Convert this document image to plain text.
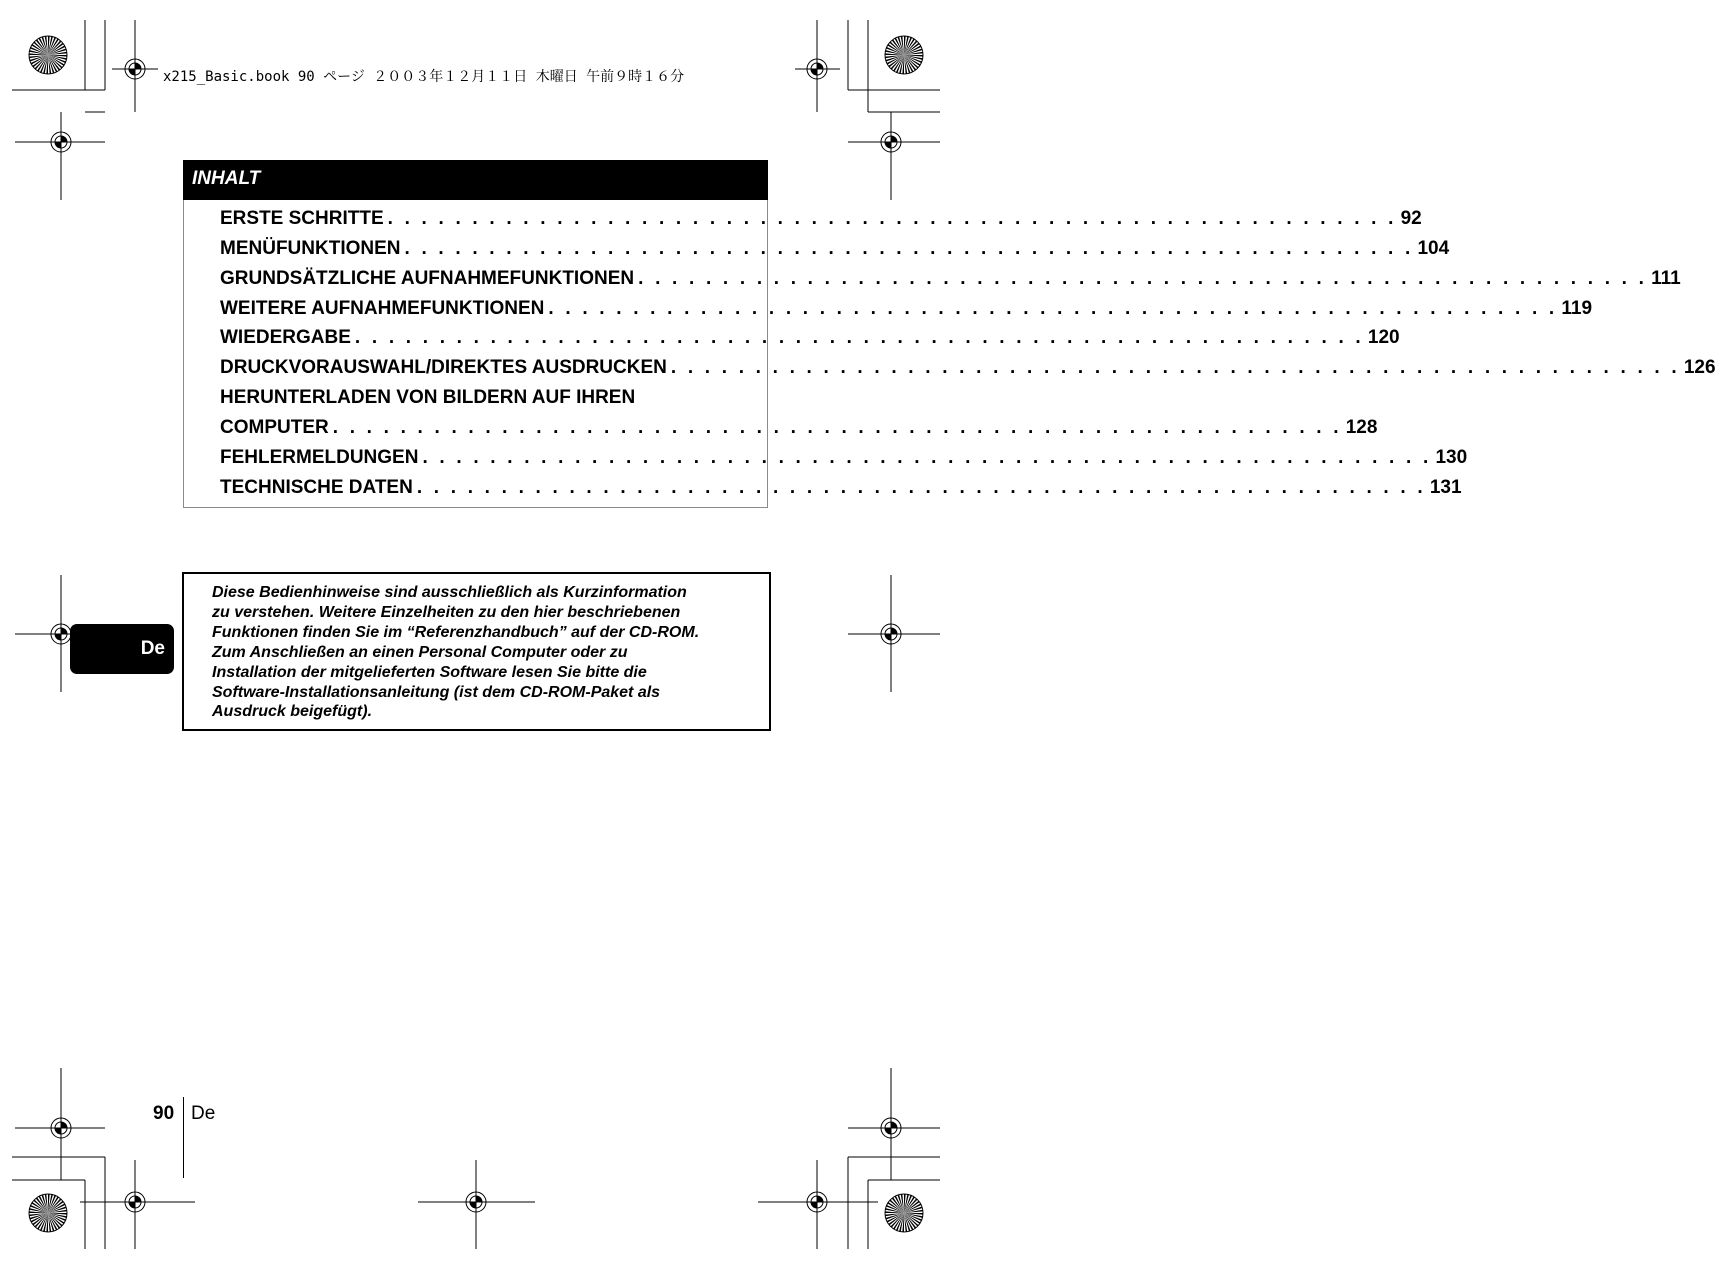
x215_Basic.book 90 ページ ２００３年１２月１１日 木曜日 午前９時１６分
INHALT
ERSTE SCHRITTE . . . . . . . . . . . . . . . . . . . . . . . . . . . . . . . . . . . . . . . . . . . . . . . . . . . . . . . . . . . . 92
MENÜFUNKTIONEN . . . . . . . . . . . . . . . . . . . . . . . . . . . . . . . . . . . . . . . . . . . . . . . . . . . . . . . . . . . . 104
GRUNDSÄTZLICHE AUFNAHMEFUNKTIONEN . . . . . . . . . . . . . . . . . . . . . . . . . . . . . . . . . . . . . . . . . . . . . . . . . . . . . . . . . . . . 111
WEITERE AUFNAHMEFUNKTIONEN . . . . . . . . . . . . . . . . . . . . . . . . . . . . . . . . . . . . . . . . . . . . . . . . . . . . . . . . . . . . 119
WIEDERGABE . . . . . . . . . . . . . . . . . . . . . . . . . . . . . . . . . . . . . . . . . . . . . . . . . . . . . . . . . . . . 120
DRUCKVORAUSWAHL/DIREKTES AUSDRUCKEN . . . . . . . . . . . . . . . . . . . . . . . . . . . . . . . . . . . . . . . . . . . . . . . . . . . . . . . . . . . . 126
HERUNTERLADEN VON BILDERN AUF IHREN
COMPUTER . . . . . . . . . . . . . . . . . . . . . . . . . . . . . . . . . . . . . . . . . . . . . . . . . . . . . . . . . . . . 128
FEHLERMELDUNGEN . . . . . . . . . . . . . . . . . . . . . . . . . . . . . . . . . . . . . . . . . . . . . . . . . . . . . . . . . . . . 130
TECHNISCHE DATEN . . . . . . . . . . . . . . . . . . . . . . . . . . . . . . . . . . . . . . . . . . . . . . . . . . . . . . . . . . . . 131
Diese Bedienhinweise sind ausschließlich als Kurzinformation
zu verstehen. Weitere Einzelheiten zu den hier beschriebenen
Funktionen finden Sie im “Referenzhandbuch” auf der CD-ROM.
Zum Anschließen an einen Personal Computer oder zu
Installation der mitgelieferten Software lesen Sie bitte die
Software-Installationsanleitung (ist dem CD-ROM-Paket als
Ausdruck beigefügt).
De
90 De
